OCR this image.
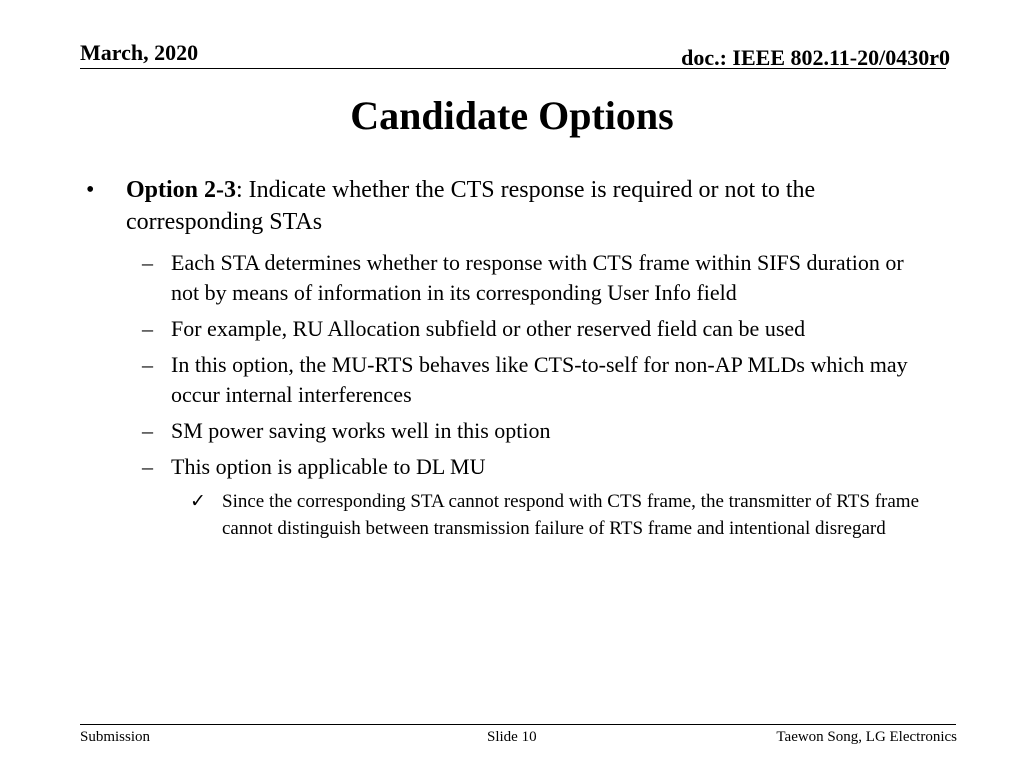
March, 2020	doc.: IEEE 802.11-20/0430r0
Candidate Options
• Option 2-3: Indicate whether the CTS response is required or not to the corresponding STAs
– Each STA determines whether to response with CTS frame within SIFS duration or not by means of information in its corresponding User Info field
– For example, RU Allocation subfield or other reserved field can be used
– In this option, the MU-RTS behaves like CTS-to-self for non-AP MLDs which may occur internal interferences
– SM power saving works well in this option
– This option is applicable to DL MU
✓ Since the corresponding STA cannot respond with CTS frame, the transmitter of RTS frame cannot distinguish between transmission failure of RTS frame and intentional disregard
Submission	Slide 10	Taewon Song, LG Electronics
